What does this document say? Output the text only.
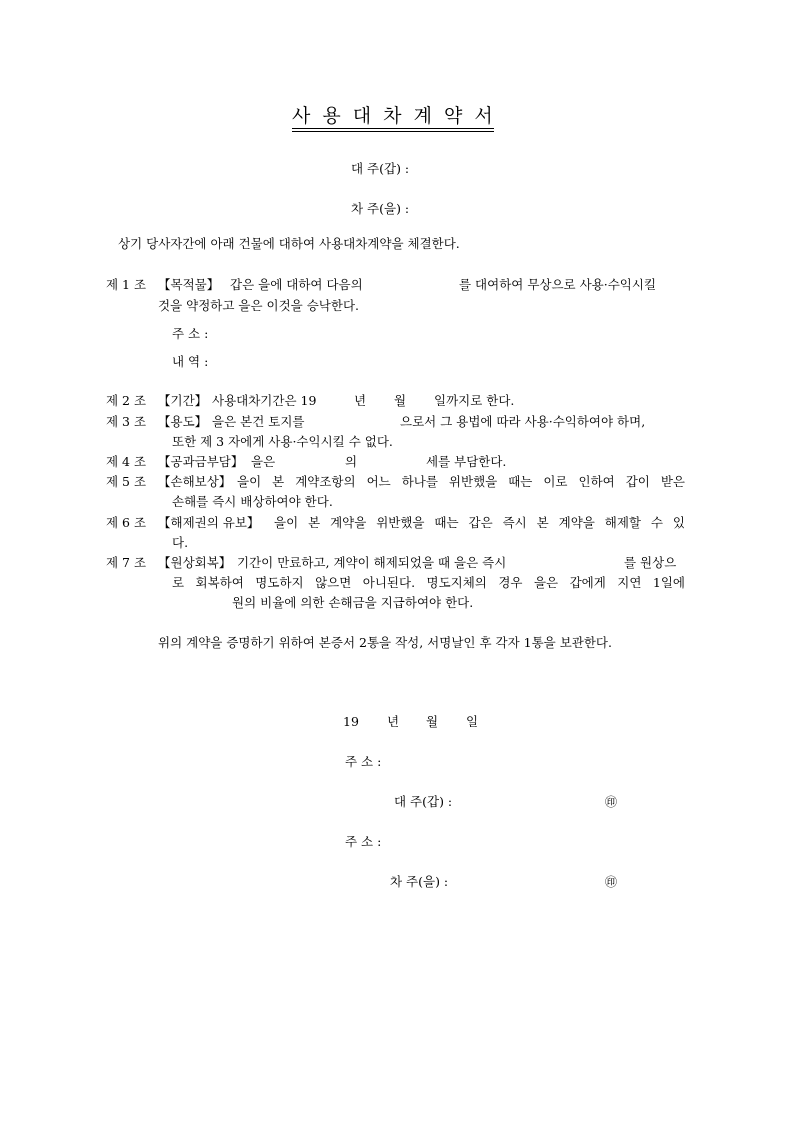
사 용 대 차 계 약 서
대 주(갑) :
차 주(을) :
상기 당사자간에 아래 건물에 대하여 사용대차계약을 체결한다.
제 1 조 【목적물】 갑은 을에 대하여 다음의	를 대여하여 무상으로 사용·수익시킬
것을 약정하고 을은 이것을 승낙한다.
주 소 :
내 역 :
제 2 조 【기간】 사용대차기간은 19	년 월 일까지로 한다.
제 3 조 【용도】 을은 본건 토지를	으로서 그 용법에 따라 사용·수익하여야 하며,
또한 제 3 자에게 사용·수익시킬 수 없다.
제 4 조 【공과금부담】 을은	의	세를 부담한다.
제 5 조 【손해보상】 을이 본 계약조항의 어느 하나를 위반했을 때는 이로 인하여 갑이 받은
손해를 즉시 배상하여야 한다.
제 6 조 【해제권의 유보】 을이 본 계약을 위반했을 때는 갑은 즉시 본 계약을 해제할 수 있
다.
제 7 조 【원상회복】 기간이 만료하고, 계약이 해제되었을 때 을은 즉시	를 원상으
로 회복하여 명도하지 않으면 아니된다. 명도지체의 경우 을은 갑에게 지연 1일에
원의 비율에 의한 손해금을 지급하여야 한다.
위의 계약을 증명하기 위하여 본증서 2통을 작성, 서명날인 후 각자 1통을 보관한다.
19 년 월 일
주 소 :
대 주(갑) :	㊞
주 소 :
차 주(을) :	㊞
